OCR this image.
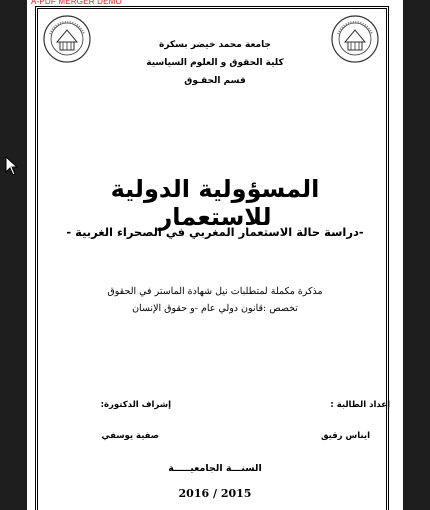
A-PDF MERGER DEMO
جامعة محمد خيضر بسكرة
كلية الحقوق و العلوم السياسية
قسم الحقـوق
المسؤولية الدولية للاستعمار
-دراسة حالة الاستعمار المغربي في الصحراء الغربية -
مذكرة مكملة لمتطلبات نيل شهادة الماستر في الحقوق
تخصص :قانون دولي عام -و حقوق الإنسان
إعداد الطالبة :
ايناس رقيق
إشراف الدكتورة:
صفية يوسفي
السنـــة الجامعيـــــة
2016 / 2015
